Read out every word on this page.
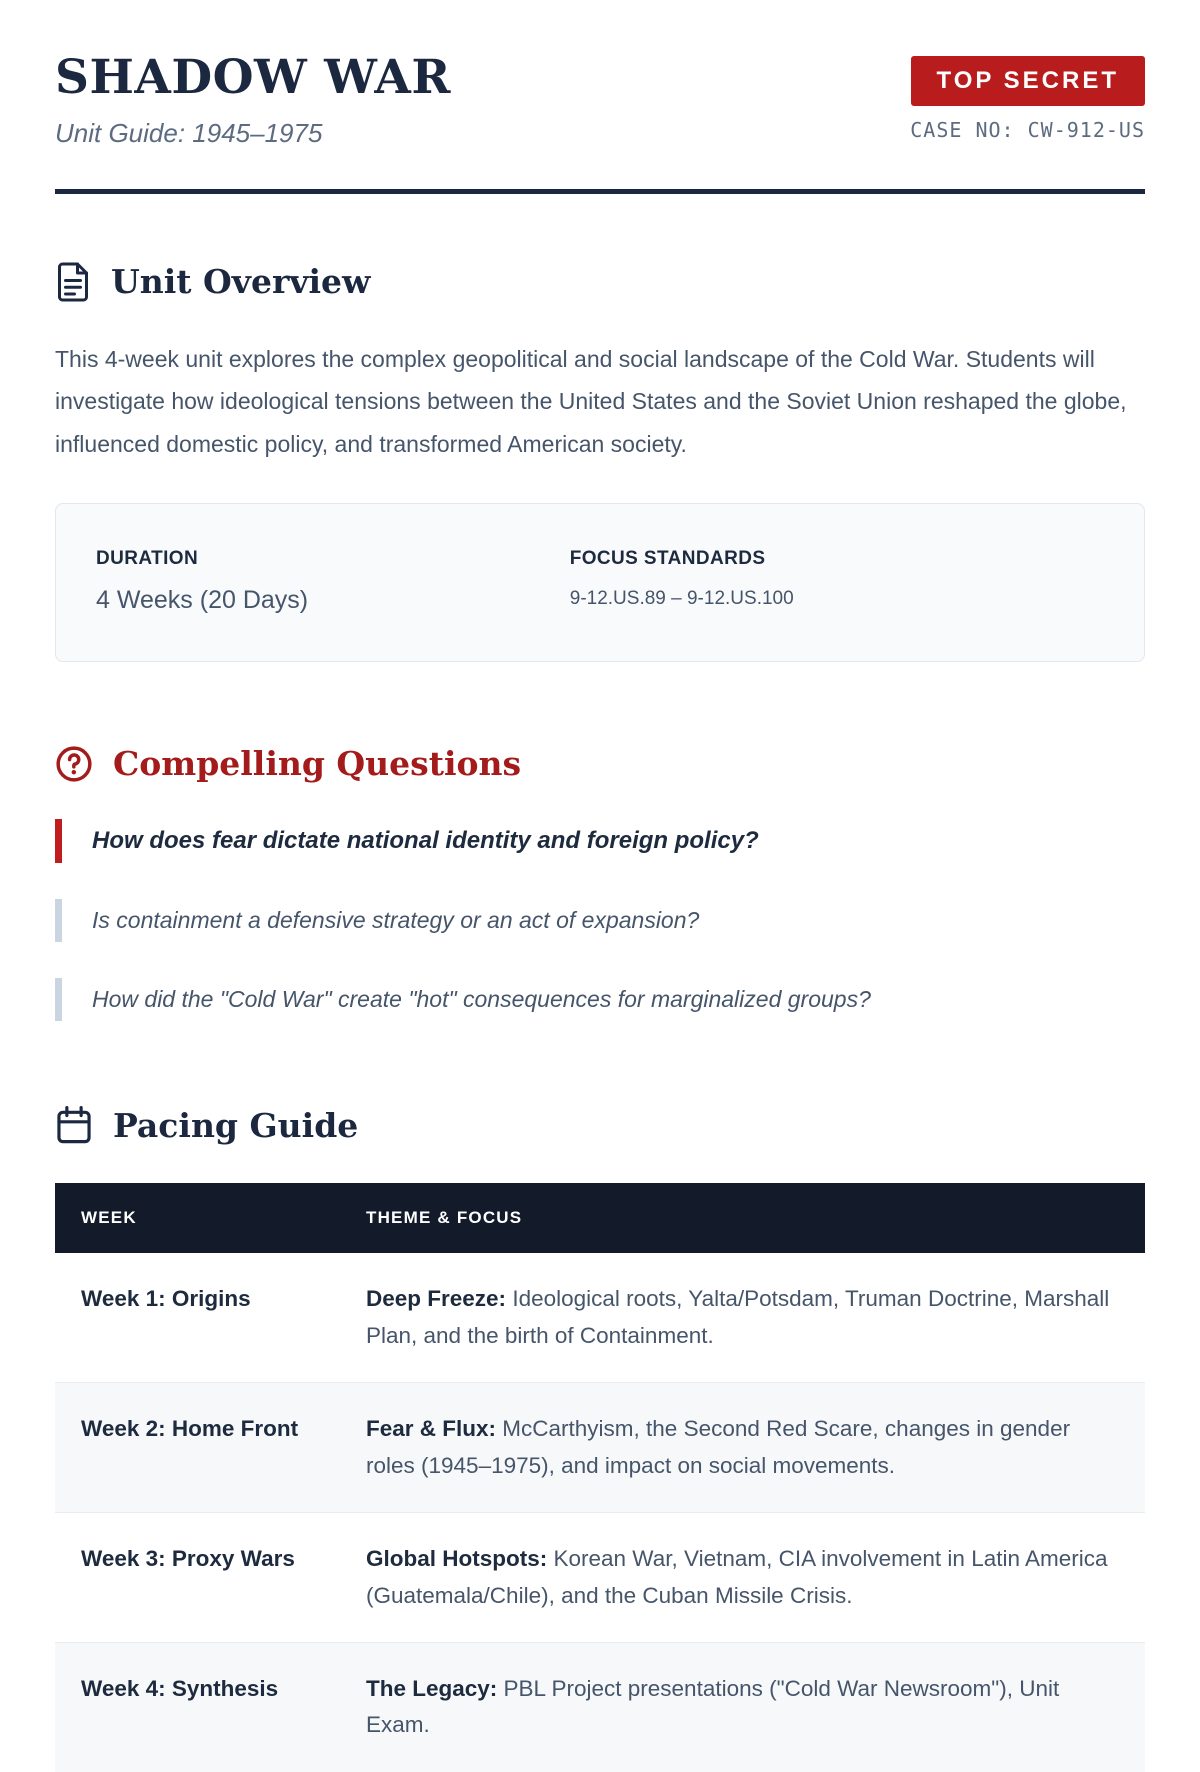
SHADOW WAR
Unit Guide: 1945–1975
TOP SECRET
CASE NO: CW-912-US
Unit Overview

This 4-week unit explores the complex geopolitical and social landscape of the Cold War. Students will investigate how ideological tensions between the United States and the Soviet Union reshaped the globe, influenced domestic policy, and transformed American society.

DURATION
4 Weeks (20 Days)
FOCUS STANDARDS
9-12.US.89 – 9-12.US.100
Compelling Questions
How does fear dictate national identity and foreign policy?
Is containment a defensive strategy or an act of expansion?
How did the "Cold War" create "hot" consequences for marginalized groups?
Pacing Guide
WEEK	THEME & FOCUS
Week 1: Origins	Deep Freeze: Ideological roots, Yalta/Potsdam, Truman Doctrine, Marshall Plan, and the birth of Containment.
Week 2: Home Front	Fear & Flux: McCarthyism, the Second Red Scare, changes in gender roles (1945–1975), and impact on social movements.
Week 3: Proxy Wars	Global Hotspots: Korean War, Vietnam, CIA involvement in Latin America (Guatemala/Chile), and the Cuban Missile Crisis.
Week 4: Synthesis	The Legacy: PBL Project presentations ("Cold War Newsroom"), Unit Exam.
